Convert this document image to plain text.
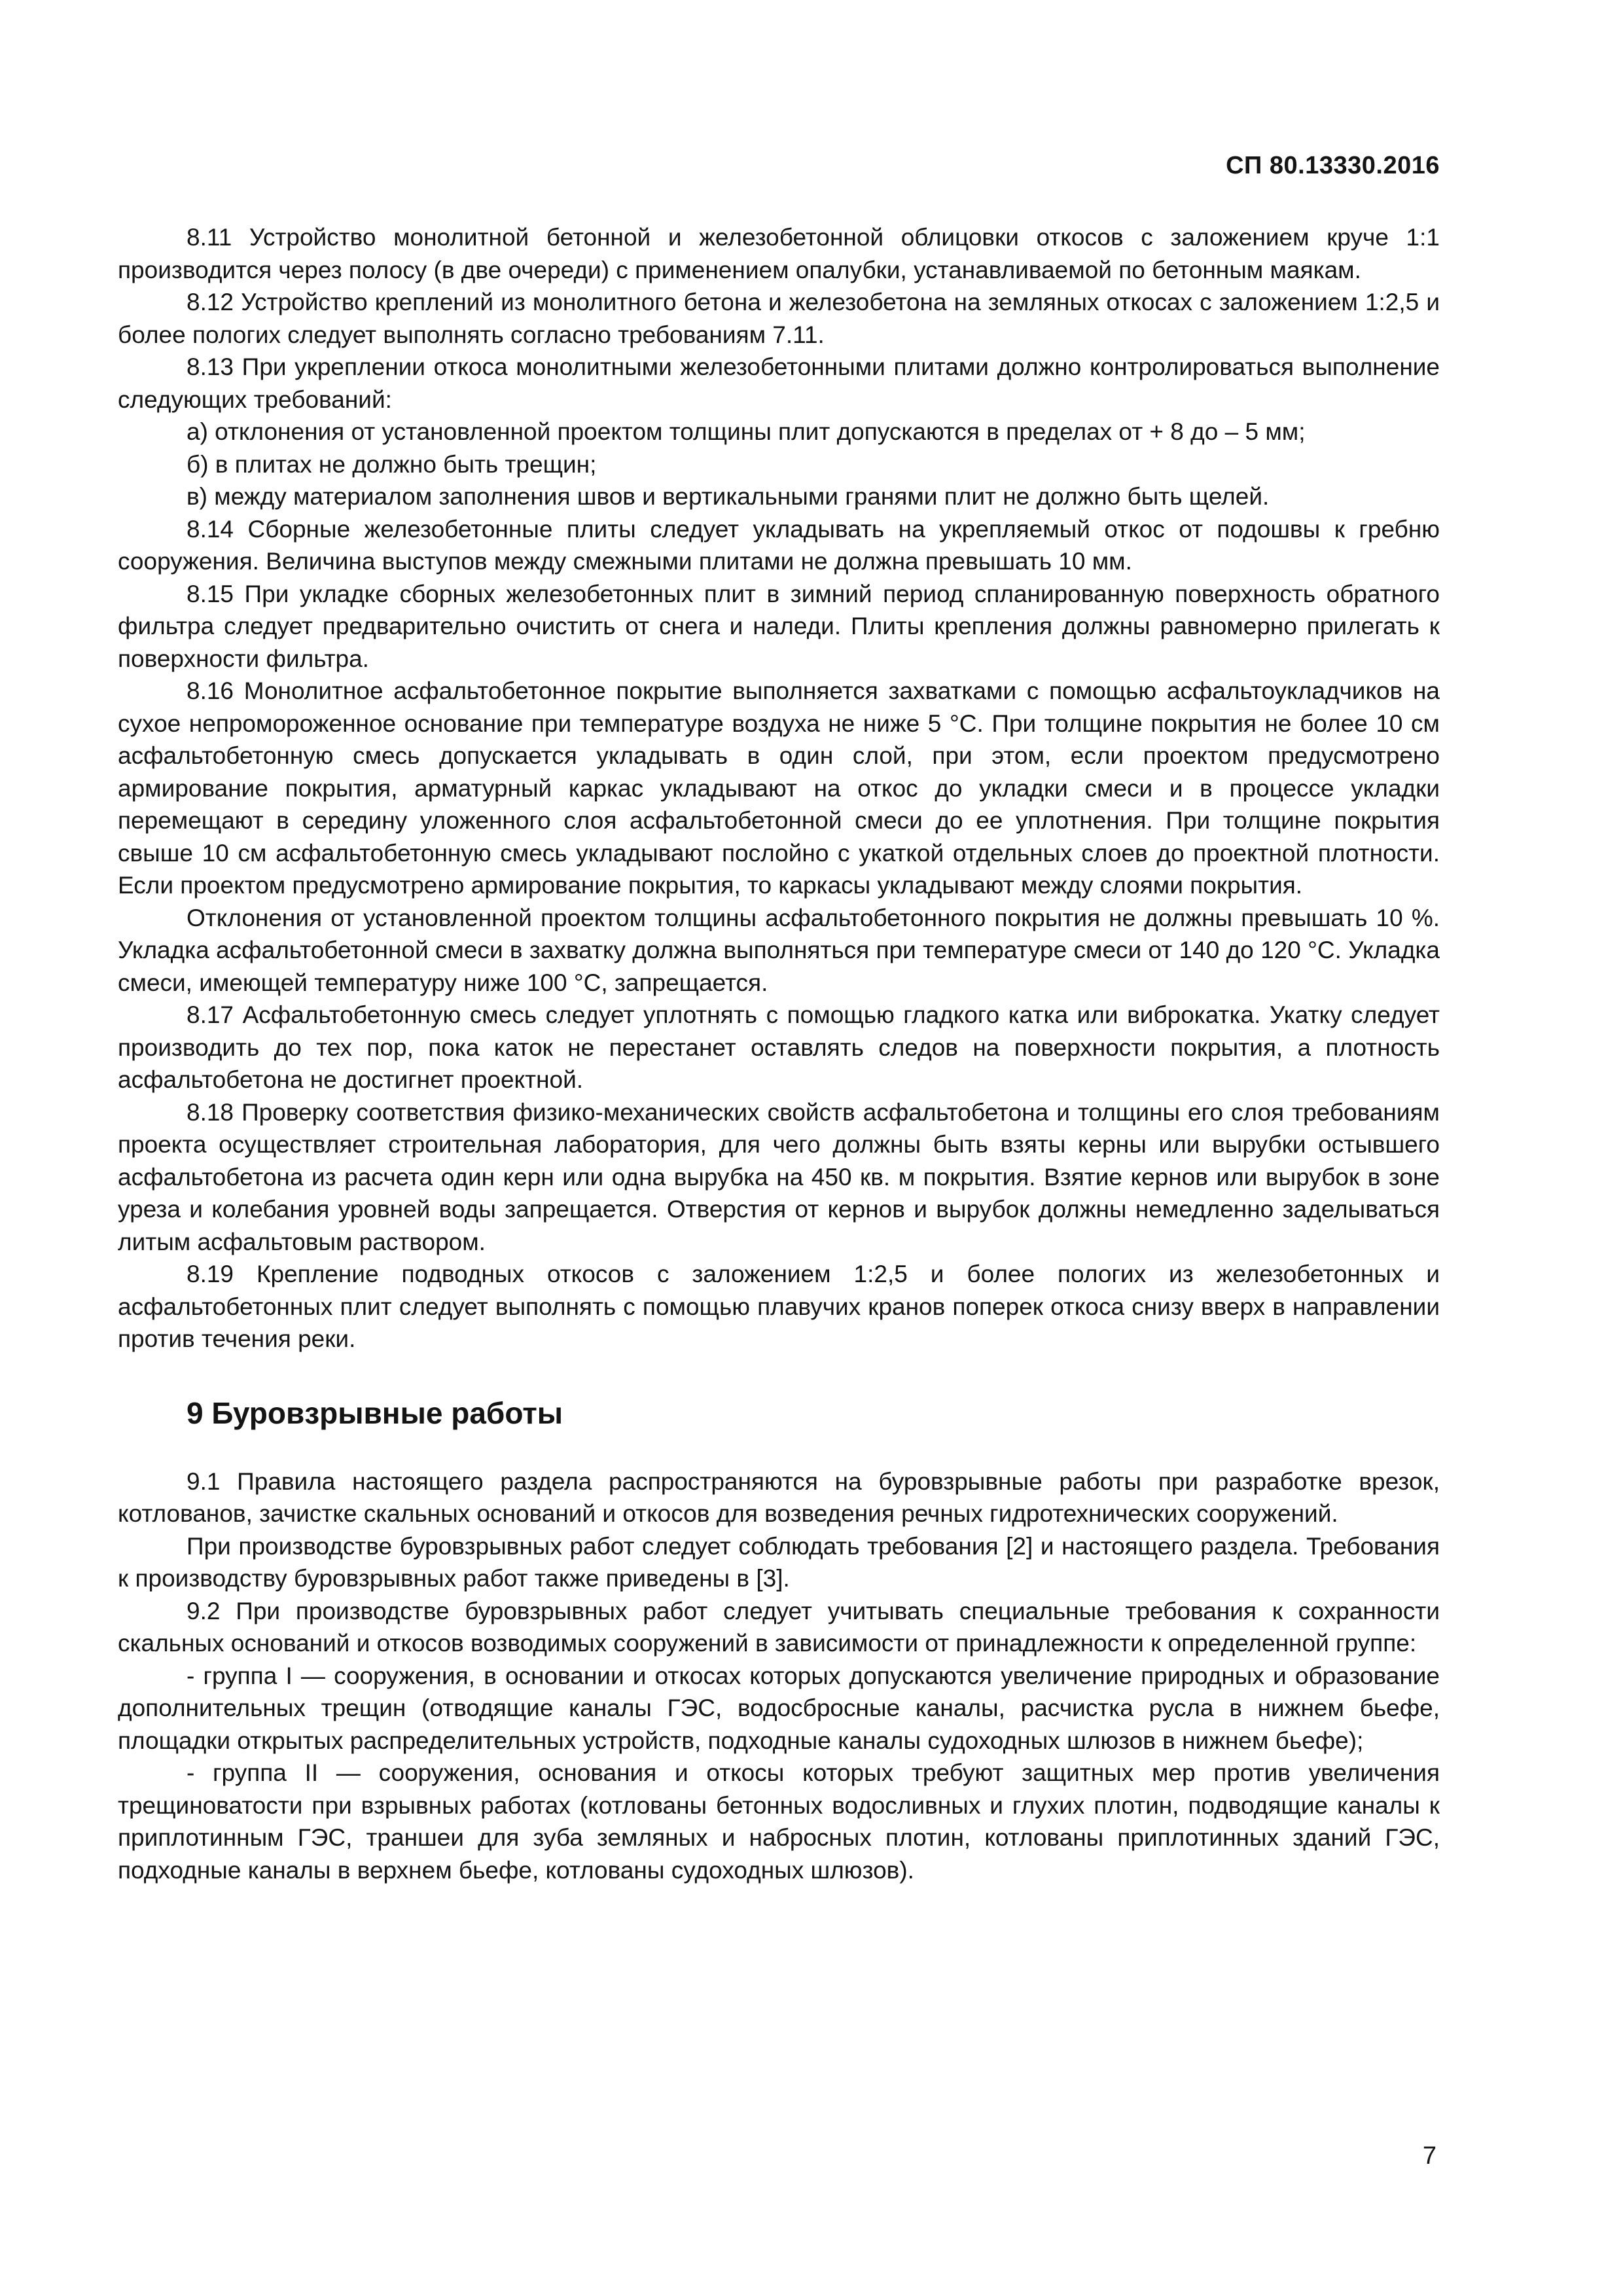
СП 80.13330.2016

8.11 Устройство монолитной бетонной и железобетонной облицовки откосов с заложением круче 1:1 производится через полосу (в две очереди) с применением опалубки, устанавливаемой по бетонным маякам.

8.12 Устройство креплений из монолитного бетона и железобетона на земляных откосах с заложением 1:2,5 и более пологих следует выполнять согласно требованиям 7.11.

8.13 При укреплении откоса монолитными железобетонными плитами должно контролироваться выполнение следующих требований:

а) отклонения от установленной проектом толщины плит допускаются в пределах от + 8 до – 5 мм;

б) в плитах не должно быть трещин;

в) между материалом заполнения швов и вертикальными гранями плит не должно быть щелей.

8.14 Сборные железобетонные плиты следует укладывать на укрепляемый откос от подошвы к гребню сооружения. Величина выступов между смежными плитами не должна превышать 10 мм.

8.15 При укладке сборных железобетонных плит в зимний период спланированную поверхность обратного фильтра следует предварительно очистить от снега и наледи. Плиты крепления должны равномерно прилегать к поверхности фильтра.

8.16 Монолитное асфальтобетонное покрытие выполняется захватками с помощью асфальтоукладчиков на сухое непромороженное основание при температуре воздуха не ниже 5 °С. При толщине покрытия не более 10 см асфальтобетонную смесь допускается укладывать в один слой, при этом, если проектом предусмотрено армирование покрытия, арматурный каркас укладывают на откос до укладки смеси и в процессе укладки перемещают в середину уложенного слоя асфальтобетонной смеси до ее уплотнения. При толщине покрытия свыше 10 см асфальтобетонную смесь укладывают послойно с укаткой отдельных слоев до проектной плотности. Если проектом предусмотрено армирование покрытия, то каркасы укладывают между слоями покрытия.

Отклонения от установленной проектом толщины асфальтобетонного покрытия не должны превышать 10 %. Укладка асфальтобетонной смеси в захватку должна выполняться при температуре смеси от 140 до 120 °С. Укладка смеси, имеющей температуру ниже 100 °С, запрещается.

8.17 Асфальтобетонную смесь следует уплотнять с помощью гладкого катка или виброкатка. Укатку следует производить до тех пор, пока каток не перестанет оставлять следов на поверхности покрытия, а плотность асфальтобетона не достигнет проектной.

8.18 Проверку соответствия физико-механических свойств асфальтобетона и толщины его слоя требованиям проекта осуществляет строительная лаборатория, для чего должны быть взяты керны или вырубки остывшего асфальтобетона из расчета один керн или одна вырубка на 450 кв. м покрытия. Взятие кернов или вырубок в зоне уреза и колебания уровней воды запрещается. Отверстия от кернов и вырубок должны немедленно заделываться литым асфальтовым раствором.

8.19 Крепление подводных откосов с заложением 1:2,5 и более пологих из железобетонных и асфальтобетонных плит следует выполнять с помощью плавучих кранов поперек откоса снизу вверх в направлении против течения реки.

9 Буровзрывные работы

9.1 Правила настоящего раздела распространяются на буровзрывные работы при разработке врезок, котлованов, зачистке скальных оснований и откосов для возведения речных гидротехнических сооружений.

При производстве буровзрывных работ следует соблюдать требования [2] и настоящего раздела. Требования к производству буровзрывных работ также приведены в [3].

9.2 При производстве буровзрывных работ следует учитывать специальные требования к сохранности скальных оснований и откосов возводимых сооружений в зависимости от принадлежности к определенной группе:

- группа I — сооружения, в основании и откосах которых допускаются увеличение природных и образование дополнительных трещин (отводящие каналы ГЭС, водосбросные каналы, расчистка русла в нижнем бьефе, площадки открытых распределительных устройств, подходные каналы судоходных шлюзов в нижнем бьефе);

- группа II — сооружения, основания и откосы которых требуют защитных мер против увеличения трещиноватости при взрывных работах (котлованы бетонных водосливных и глухих плотин, подводящие каналы к приплотинным ГЭС, траншеи для зуба земляных и набросных плотин, котлованы приплотинных зданий ГЭС, подходные каналы в верхнем бьефе, котлованы судоходных шлюзов).

7
